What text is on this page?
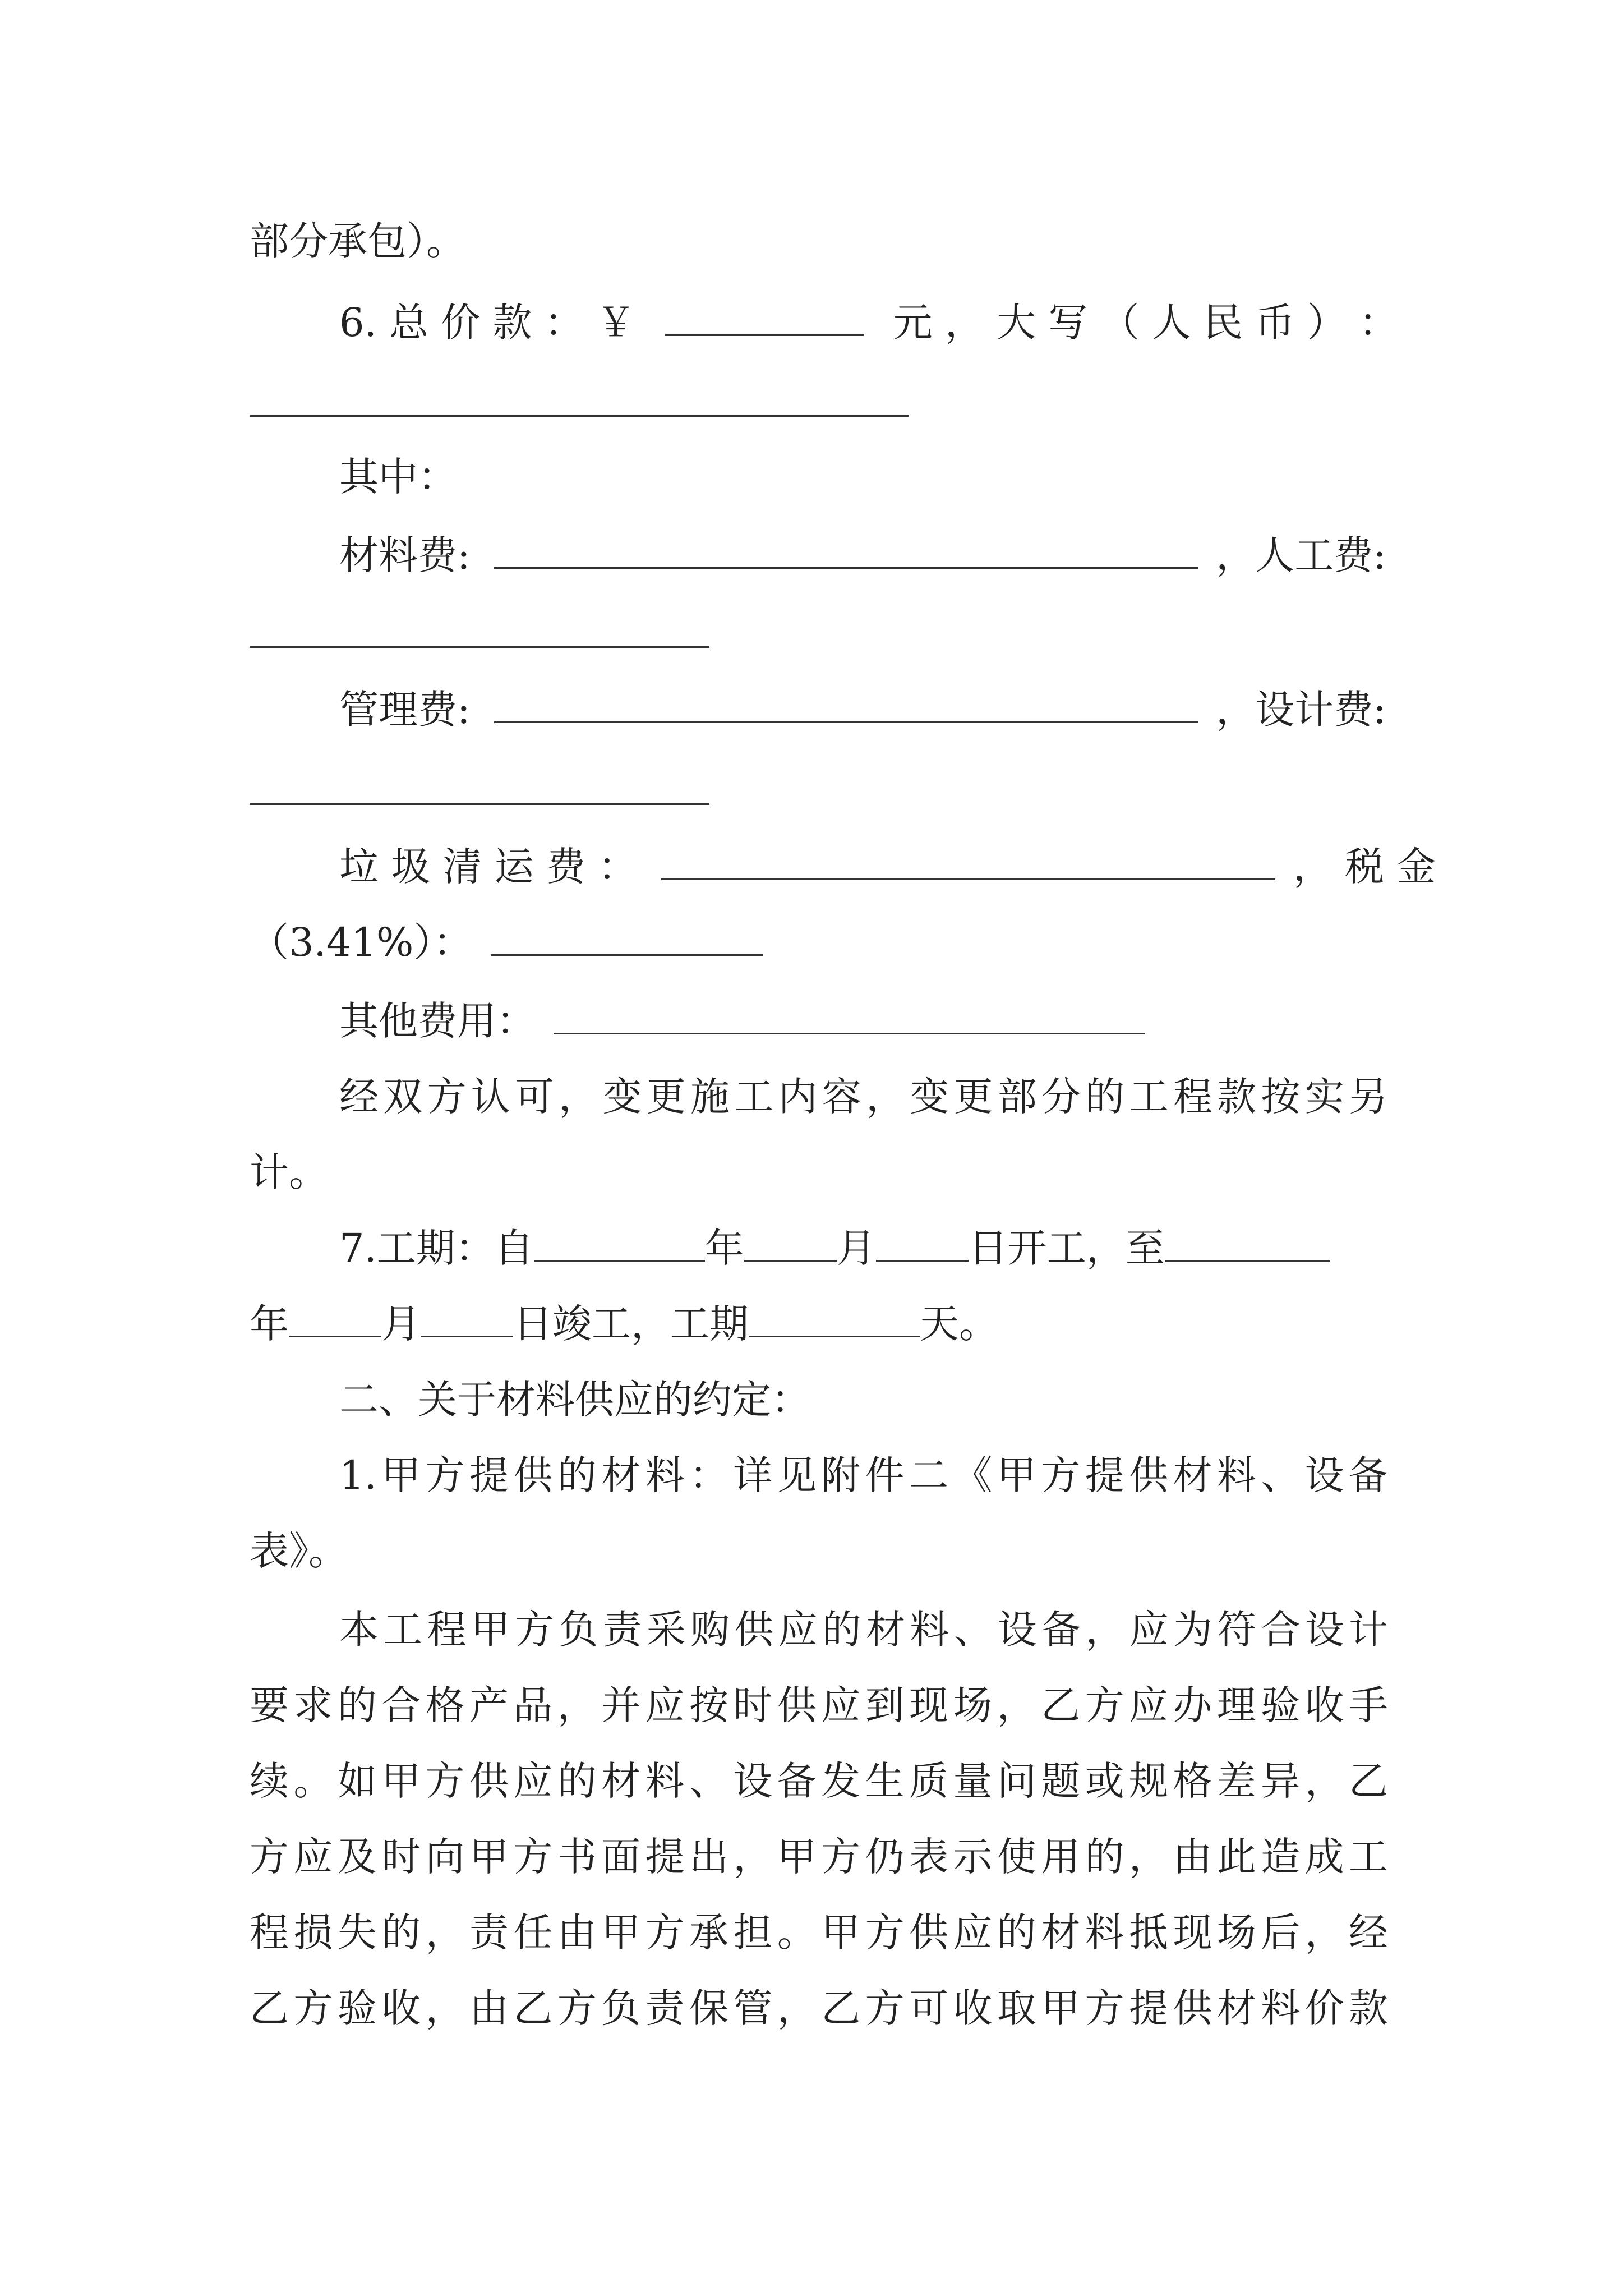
部分承包）。
6. 总 价 款 ： ￥	元 ， 大 写 （ 人 民 币 ） ：
其中：
材料费:	，人工费:
管理费:	，设计费:
垃 圾 清 运 费 ：	， 税 金
（3.41%）：
其他费用：
经双方认可，变更施工内容，变更部分的工程款按实另
计。
7.工期：自	年 月 日开工，至
年 月 日竣工，工期	天。
二、关于材料供应的约定：
1.甲方提供的材料：详见附件二《甲方提供材料、设备
表》。
本工程甲方负责采购供应的材料、设备，应为符合设计
要求的合格产品，并应按时供应到现场，乙方应办理验收手
续。如甲方供应的材料、设备发生质量问题或规格差异，乙
方应及时向甲方书面提出，甲方仍表示使用的，由此造成工
程损失的，责任由甲方承担。甲方供应的材料抵现场后，经
乙方验收，由乙方负责保管，乙方可收取甲方提供材料价款
